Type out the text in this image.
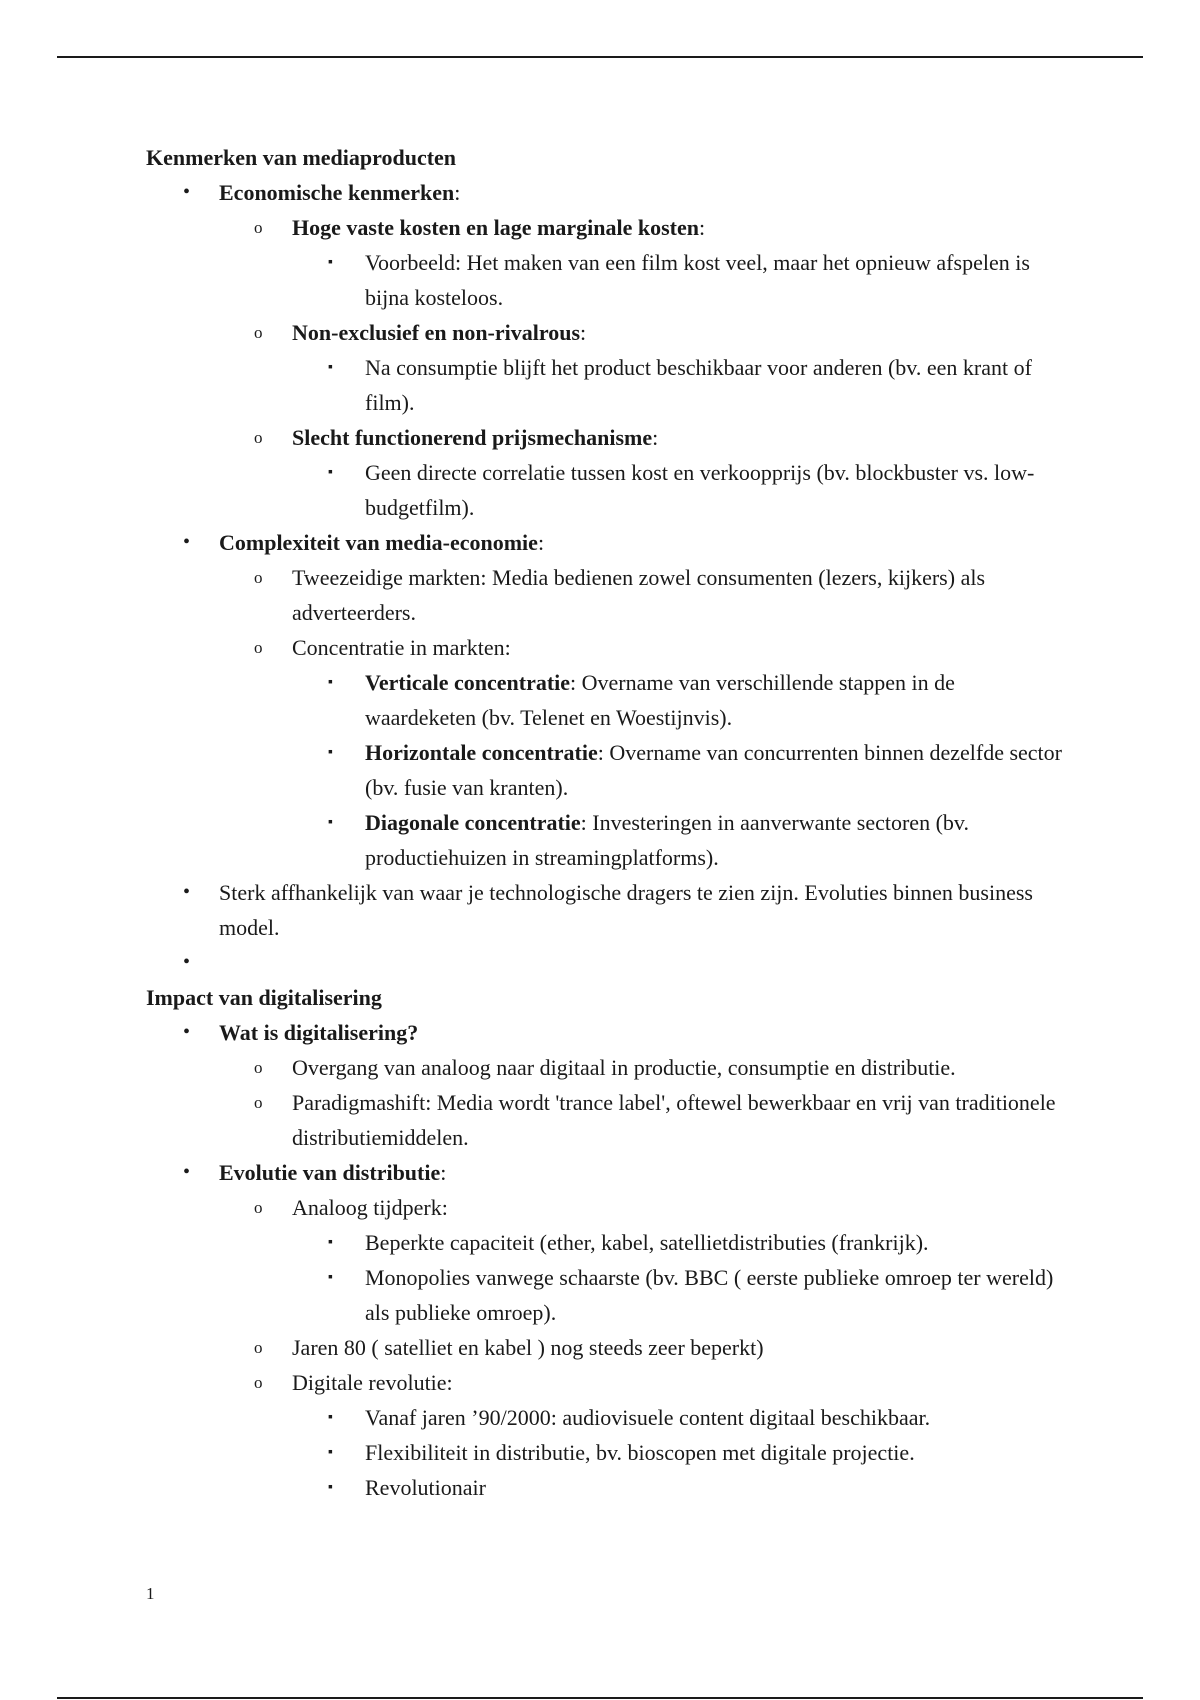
Kenmerken van mediaproducten
• Economische kenmerken:
o Hoge vaste kosten en lage marginale kosten:
▪ Voorbeeld: Het maken van een film kost veel, maar het opnieuw afspelen is bijna kosteloos.
o Non-exclusief en non-rivalrous:
▪ Na consumptie blijft het product beschikbaar voor anderen (bv. een krant of film).
o Slecht functionerend prijsmechanisme:
▪ Geen directe correlatie tussen kost en verkoopprijs (bv. blockbuster vs. low-budgetfilm).
• Complexiteit van media-economie:
o Tweezeidige markten: Media bedienen zowel consumenten (lezers, kijkers) als adverteerders.
o Concentratie in markten:
▪ Verticale concentratie: Overname van verschillende stappen in de waardeketen (bv. Telenet en Woestijnvis).
▪ Horizontale concentratie: Overname van concurrenten binnen dezelfde sector (bv. fusie van kranten).
▪ Diagonale concentratie: Investeringen in aanverwante sectoren (bv. productiehuizen in streamingplatforms).
• Sterk affhankelijk van waar je technologische dragers te zien zijn. Evoluties binnen business model.
•

Impact van digitalisering
• Wat is digitalisering?
o Overgang van analoog naar digitaal in productie, consumptie en distributie.
o Paradigmashift: Media wordt 'trance label', oftewel bewerkbaar en vrij van traditionele distributiemiddelen.
• Evolutie van distributie:
o Analoog tijdperk:
▪ Beperkte capaciteit (ether, kabel, satellietdistributies (frankrijk).
▪ Monopolies vanwege schaarste (bv. BBC ( eerste publieke omroep ter wereld) als publieke omroep).
o Jaren 80 ( satelliet en kabel ) nog steeds zeer beperkt)
o Digitale revolutie:
▪ Vanaf jaren ’90/2000: audiovisuele content digitaal beschikbaar.
▪ Flexibiliteit in distributie, bv. bioscopen met digitale projectie.
▪ Revolutionair
1
